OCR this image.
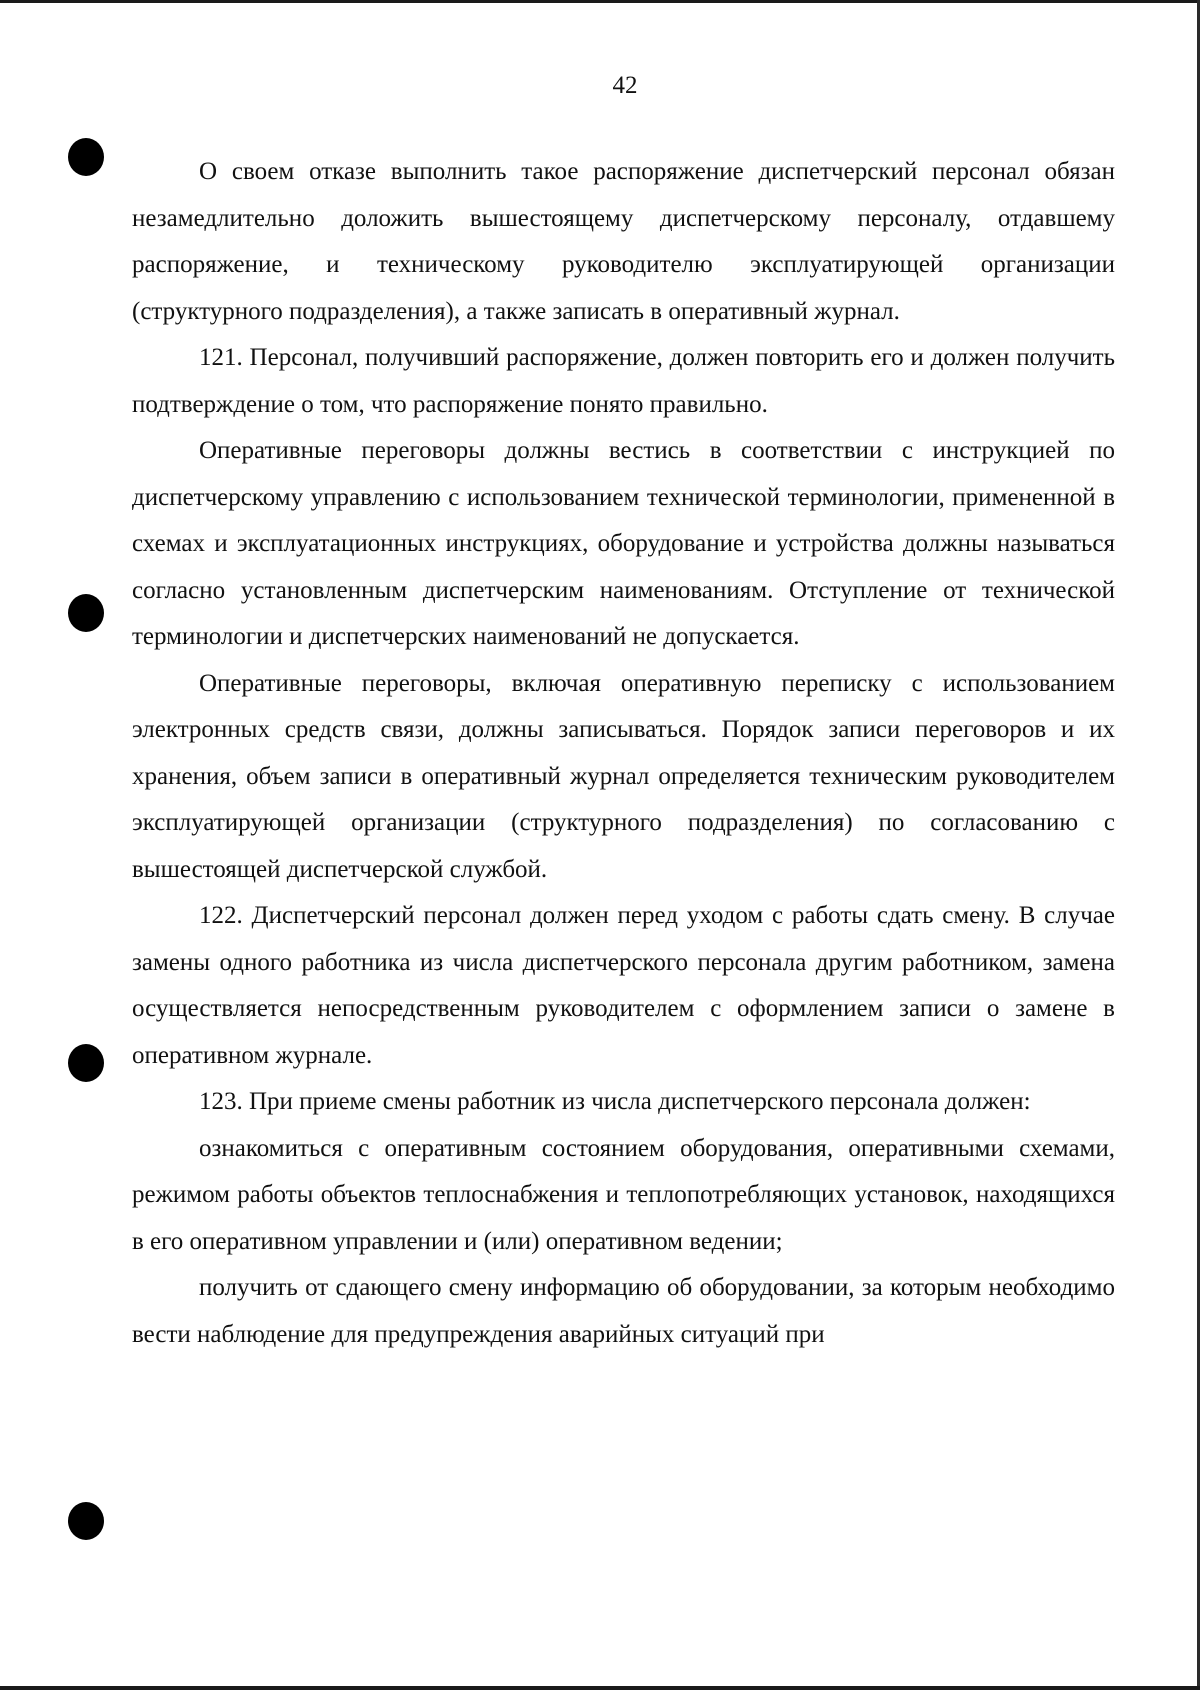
42

О своем отказе выполнить такое распоряжение диспетчерский персонал обязан незамедлительно доложить вышестоящему диспетчерскому персоналу, отдавшему распоряжение, и техническому руководителю эксплуатирующей организации (структурного подразделения), а также записать в оперативный журнал.

121. Персонал, получивший распоряжение, должен повторить его и должен получить подтверждение о том, что распоряжение понято правильно.

Оперативные переговоры должны вестись в соответствии с инструкцией по диспетчерскому управлению с использованием технической терминологии, примененной в схемах и эксплуатационных инструкциях, оборудование и устройства должны называться согласно установленным диспетчерским наименованиям. Отступление от технической терминологии и диспетчерских наименований не допускается.

Оперативные переговоры, включая оперативную переписку с использованием электронных средств связи, должны записываться. Порядок записи переговоров и их хранения, объем записи в оперативный журнал определяется техническим руководителем эксплуатирующей организации (структурного подразделения) по согласованию с вышестоящей диспетчерской службой.

122. Диспетчерский персонал должен перед уходом с работы сдать смену. В случае замены одного работника из числа диспетчерского персонала другим работником, замена осуществляется непосредственным руководителем с оформлением записи о замене в оперативном журнале.

123. При приеме смены работник из числа диспетчерского персонала должен:

ознакомиться с оперативным состоянием оборудования, оперативными схемами, режимом работы объектов теплоснабжения и теплопотребляющих установок, находящихся в его оперативном управлении и (или) оперативном ведении;

получить от сдающего смену информацию об оборудовании, за которым необходимо вести наблюдение для предупреждения аварийных ситуаций при
